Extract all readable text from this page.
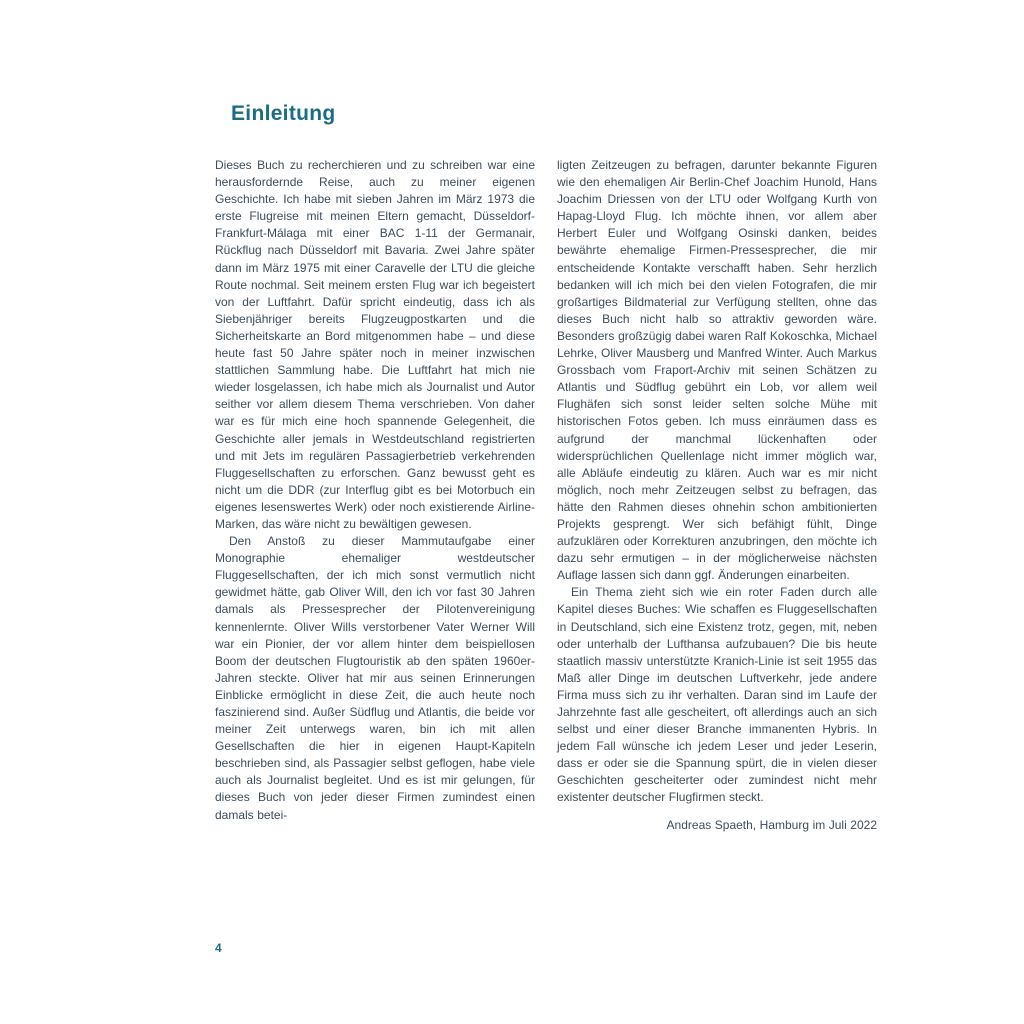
Einleitung

Dieses Buch zu recherchieren und zu schreiben war eine herausfordernde Reise, auch zu meiner eigenen Geschichte. Ich habe mit sieben Jahren im März 1973 die erste Flugreise mit meinen Eltern gemacht, Düsseldorf-Frankfurt-Málaga mit einer BAC 1-11 der Germanair, Rückflug nach Düsseldorf mit Bavaria. Zwei Jahre später dann im März 1975 mit einer Caravelle der LTU die gleiche Route nochmal. Seit meinem ersten Flug war ich begeistert von der Luftfahrt. Dafür spricht eindeutig, dass ich als Siebenjähriger bereits Flugzeugpostkarten und die Sicherheitskarte an Bord mitgenommen habe – und diese heute fast 50 Jahre später noch in meiner inzwischen stattlichen Sammlung habe. Die Luftfahrt hat mich nie wieder losgelassen, ich habe mich als Journalist und Autor seither vor allem diesem Thema verschrieben. Von daher war es für mich eine hoch spannende Gelegenheit, die Geschichte aller jemals in Westdeutschland registrierten und mit Jets im regulären Passagierbetrieb verkehrenden Fluggesellschaften zu erforschen. Ganz bewusst geht es nicht um die DDR (zur Interflug gibt es bei Motorbuch ein eigenes lesenswertes Werk) oder noch existierende Airline-Marken, das wäre nicht zu bewältigen gewesen.

Den Anstoß zu dieser Mammutaufgabe einer Monographie ehemaliger westdeutscher Fluggesellschaften, der ich mich sonst vermutlich nicht gewidmet hätte, gab Oliver Will, den ich vor fast 30 Jahren damals als Pressesprecher der Pilotenvereinigung kennenlernte. Oliver Wills verstorbener Vater Werner Will war ein Pionier, der vor allem hinter dem beispiellosen Boom der deutschen Flugtouristik ab den späten 1960er-Jahren steckte. Oliver hat mir aus seinen Erinnerungen Einblicke ermöglicht in diese Zeit, die auch heute noch faszinierend sind. Außer Südflug und Atlantis, die beide vor meiner Zeit unterwegs waren, bin ich mit allen Gesellschaften die hier in eigenen Haupt-Kapiteln beschrieben sind, als Passagier selbst geflogen, habe viele auch als Journalist begleitet. Und es ist mir gelungen, für dieses Buch von jeder dieser Firmen zumindest einen damals betei-

ligten Zeitzeugen zu befragen, darunter bekannte Figuren wie den ehemaligen Air Berlin-Chef Joachim Hunold, Hans Joachim Driessen von der LTU oder Wolfgang Kurth von Hapag-Lloyd Flug. Ich möchte ihnen, vor allem aber Herbert Euler und Wolfgang Osinski danken, beides bewährte ehemalige Firmen-Pressesprecher, die mir entscheidende Kontakte verschafft haben. Sehr herzlich bedanken will ich mich bei den vielen Fotografen, die mir großartiges Bildmaterial zur Verfügung stellten, ohne das dieses Buch nicht halb so attraktiv geworden wäre. Besonders großzügig dabei waren Ralf Kokoschka, Michael Lehrke, Oliver Mausberg und Manfred Winter. Auch Markus Grossbach vom Fraport-Archiv mit seinen Schätzen zu Atlantis und Südflug gebührt ein Lob, vor allem weil Flughäfen sich sonst leider selten solche Mühe mit historischen Fotos geben. Ich muss einräumen dass es aufgrund der manchmal lückenhaften oder widersprüchlichen Quellenlage nicht immer möglich war, alle Abläufe eindeutig zu klären. Auch war es mir nicht möglich, noch mehr Zeitzeugen selbst zu befragen, das hätte den Rahmen dieses ohnehin schon ambitionierten Projekts gesprengt. Wer sich befähigt fühlt, Dinge aufzuklären oder Korrekturen anzubringen, den möchte ich dazu sehr ermutigen – in der möglicherweise nächsten Auflage lassen sich dann ggf. Änderungen einarbeiten.

Ein Thema zieht sich wie ein roter Faden durch alle Kapitel dieses Buches: Wie schaffen es Fluggesellschaften in Deutschland, sich eine Existenz trotz, gegen, mit, neben oder unterhalb der Lufthansa aufzubauen? Die bis heute staatlich massiv unterstützte Kranich-Linie ist seit 1955 das Maß aller Dinge im deutschen Luftverkehr, jede andere Firma muss sich zu ihr verhalten. Daran sind im Laufe der Jahrzehnte fast alle gescheitert, oft allerdings auch an sich selbst und einer dieser Branche immanenten Hybris. In jedem Fall wünsche ich jedem Leser und jeder Leserin, dass er oder sie die Spannung spürt, die in vielen dieser Geschichten gescheiterter oder zumindest nicht mehr existenter deutscher Flugfirmen steckt.

Andreas Spaeth, Hamburg im Juli 2022

4
